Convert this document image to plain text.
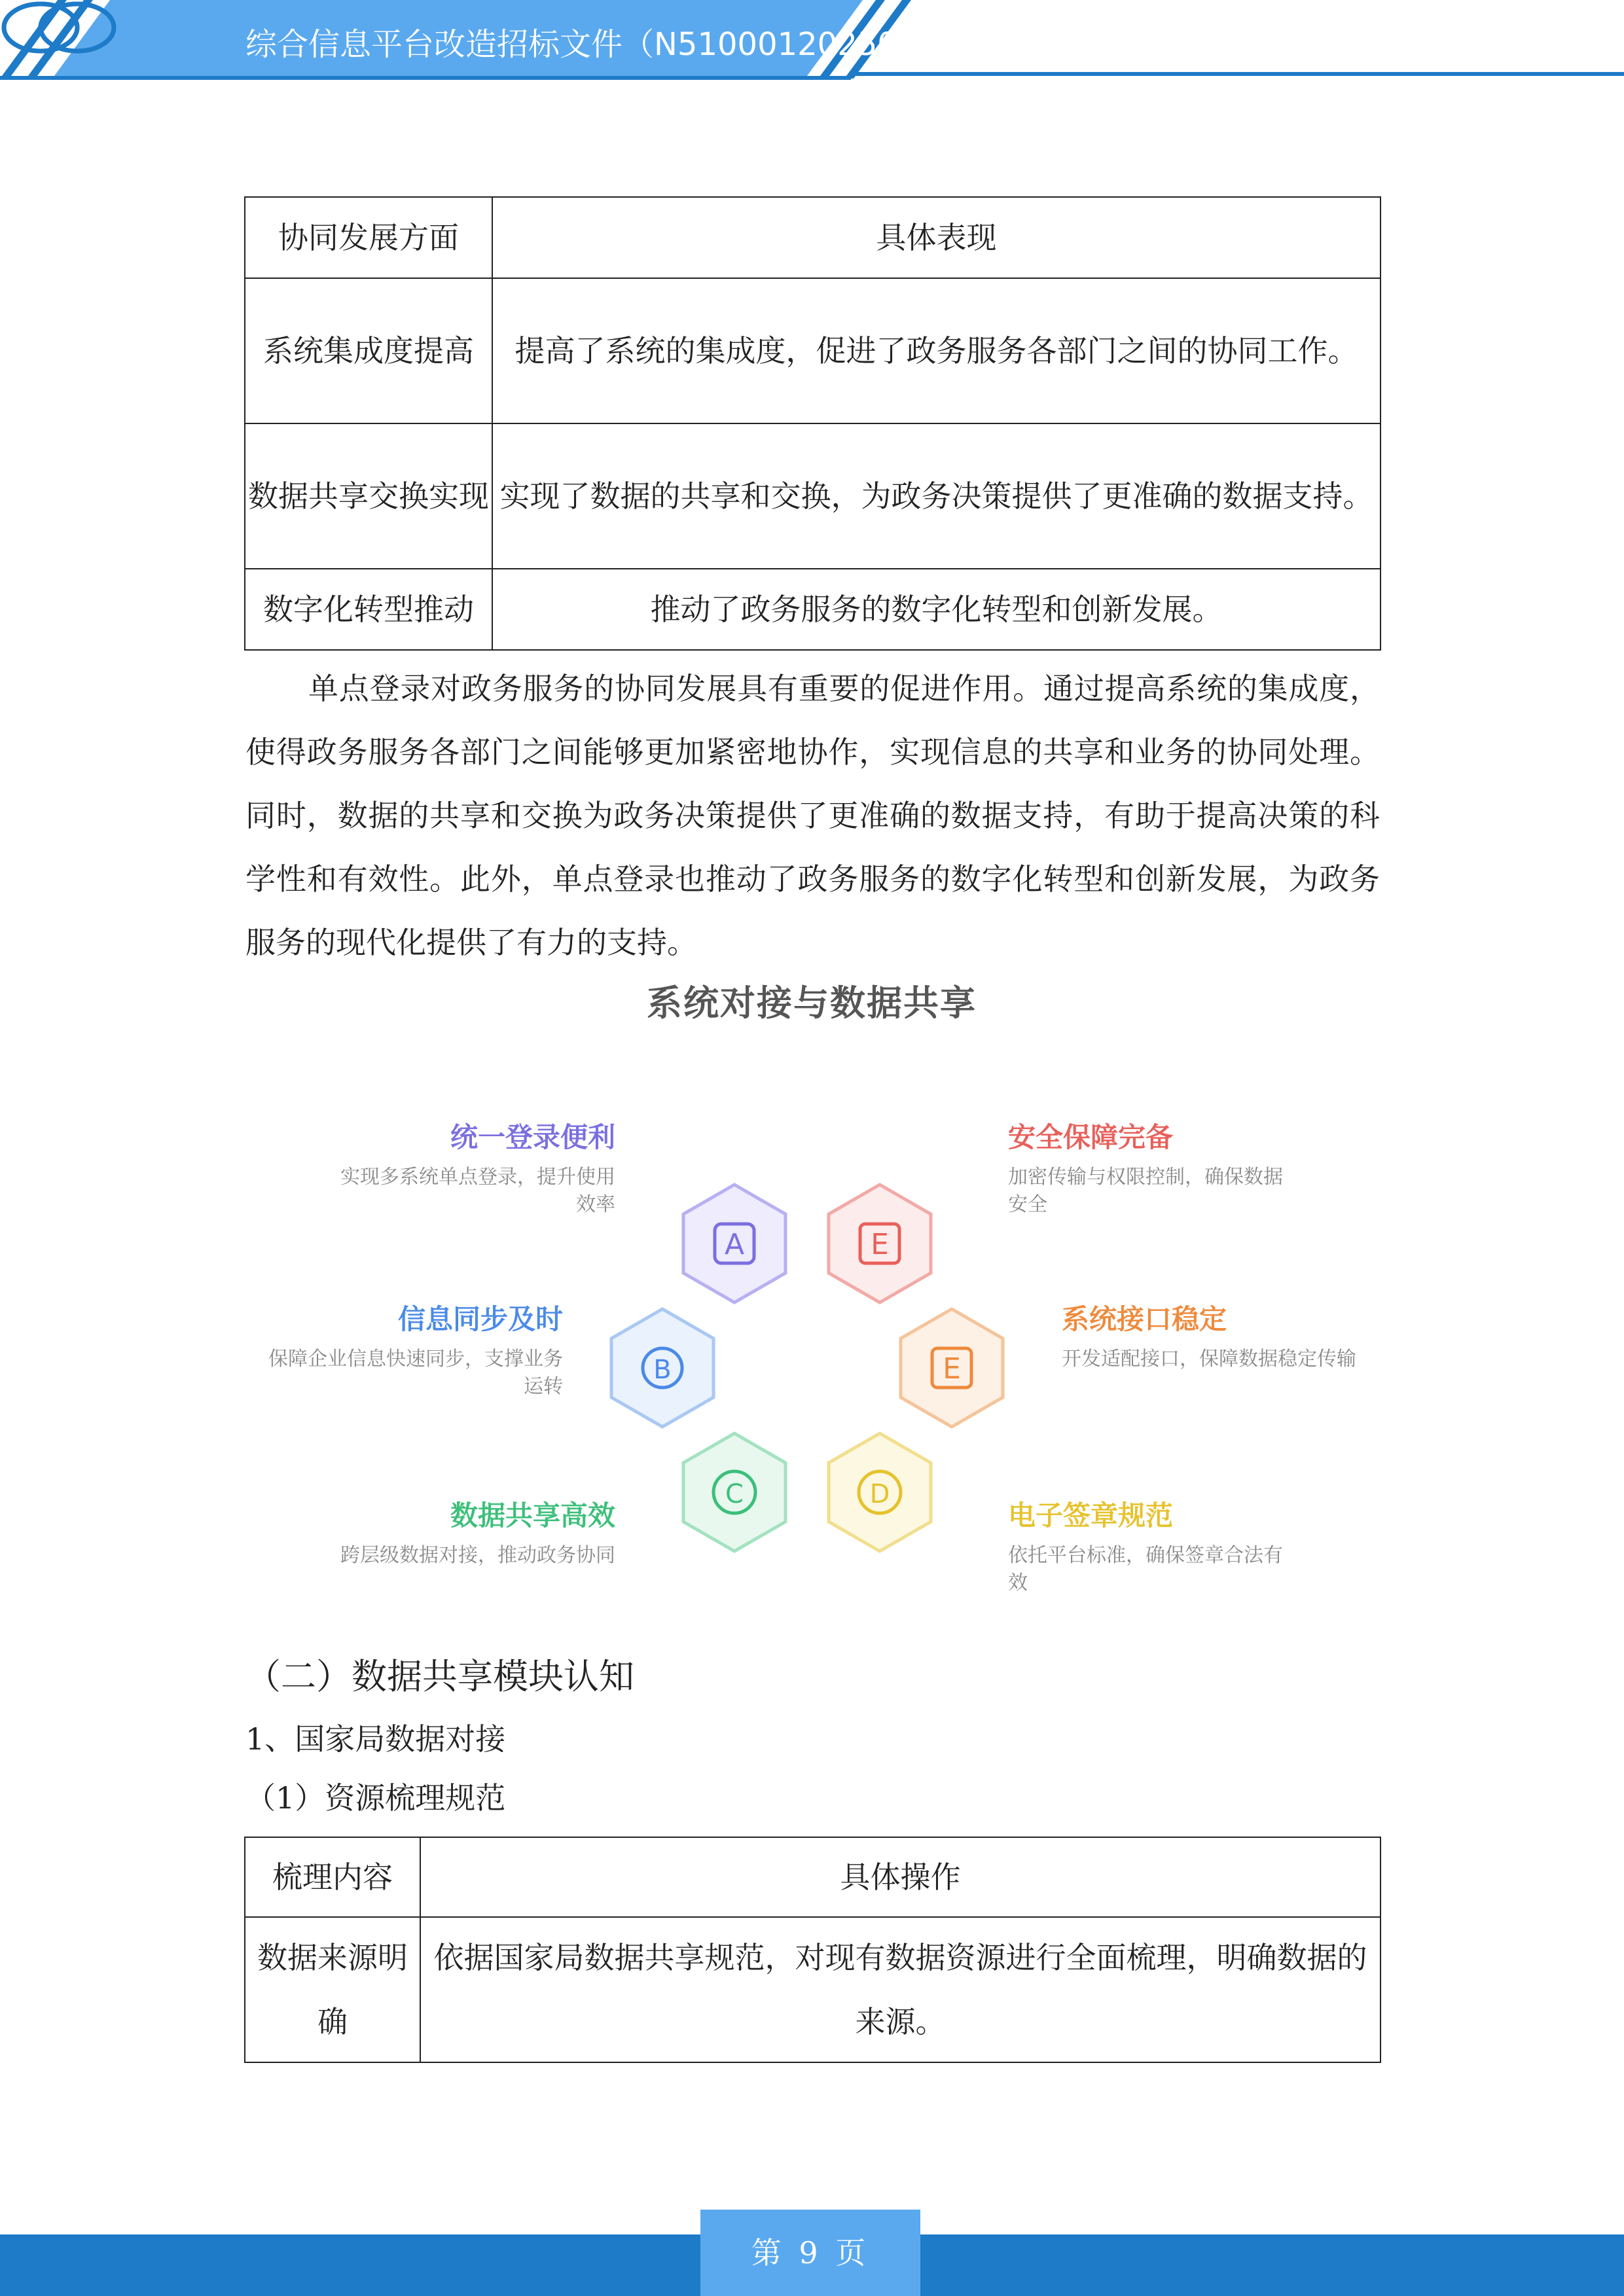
综合信息平台改造招标文件（N51000120250
协同发展方面	具体表现
系统集成度提高	提高了系统的集成度，促进了政务服务各部门之间的协同工作。
数据共享交换实现	实现了数据的共享和交换，为政务决策提供了更准确的数据支持。
数字化转型推动	推动了政务服务的数字化转型和创新发展。

单点登录对政务服务的协同发展具有重要的促进作用。通过提高系统的集成度，使得政务服务各部门之间能够更加紧密地协作，实现信息的共享和业务的协同处理。同时，数据的共享和交换为政务决策提供了更准确的数据支持，有助于提高决策的科学性和有效性。此外，单点登录也推动了政务服务的数字化转型和创新发展，为政务服务的现代化提供了有力的支持。

系统对接与数据共享
A	E
B	E
C	D
统一登录便利
实现多系统单点登录，提升使用效率
安全保障完备
加密传输与权限控制，确保数据安全
信息同步及时
保障企业信息快速同步，支撑业务运转
系统接口稳定
开发适配接口，保障数据稳定传输
数据共享高效
跨层级数据对接，推动政务协同
电子签章规范
依托平台标准，确保签章合法有效

（二）数据共享模块认知

1、国家局数据对接

（1）资源梳理规范

梳理内容	具体操作
数据来源明确	依据国家局数据共享规范，对现有数据资源进行全面梳理，明确数据的来源。
第 9 页
